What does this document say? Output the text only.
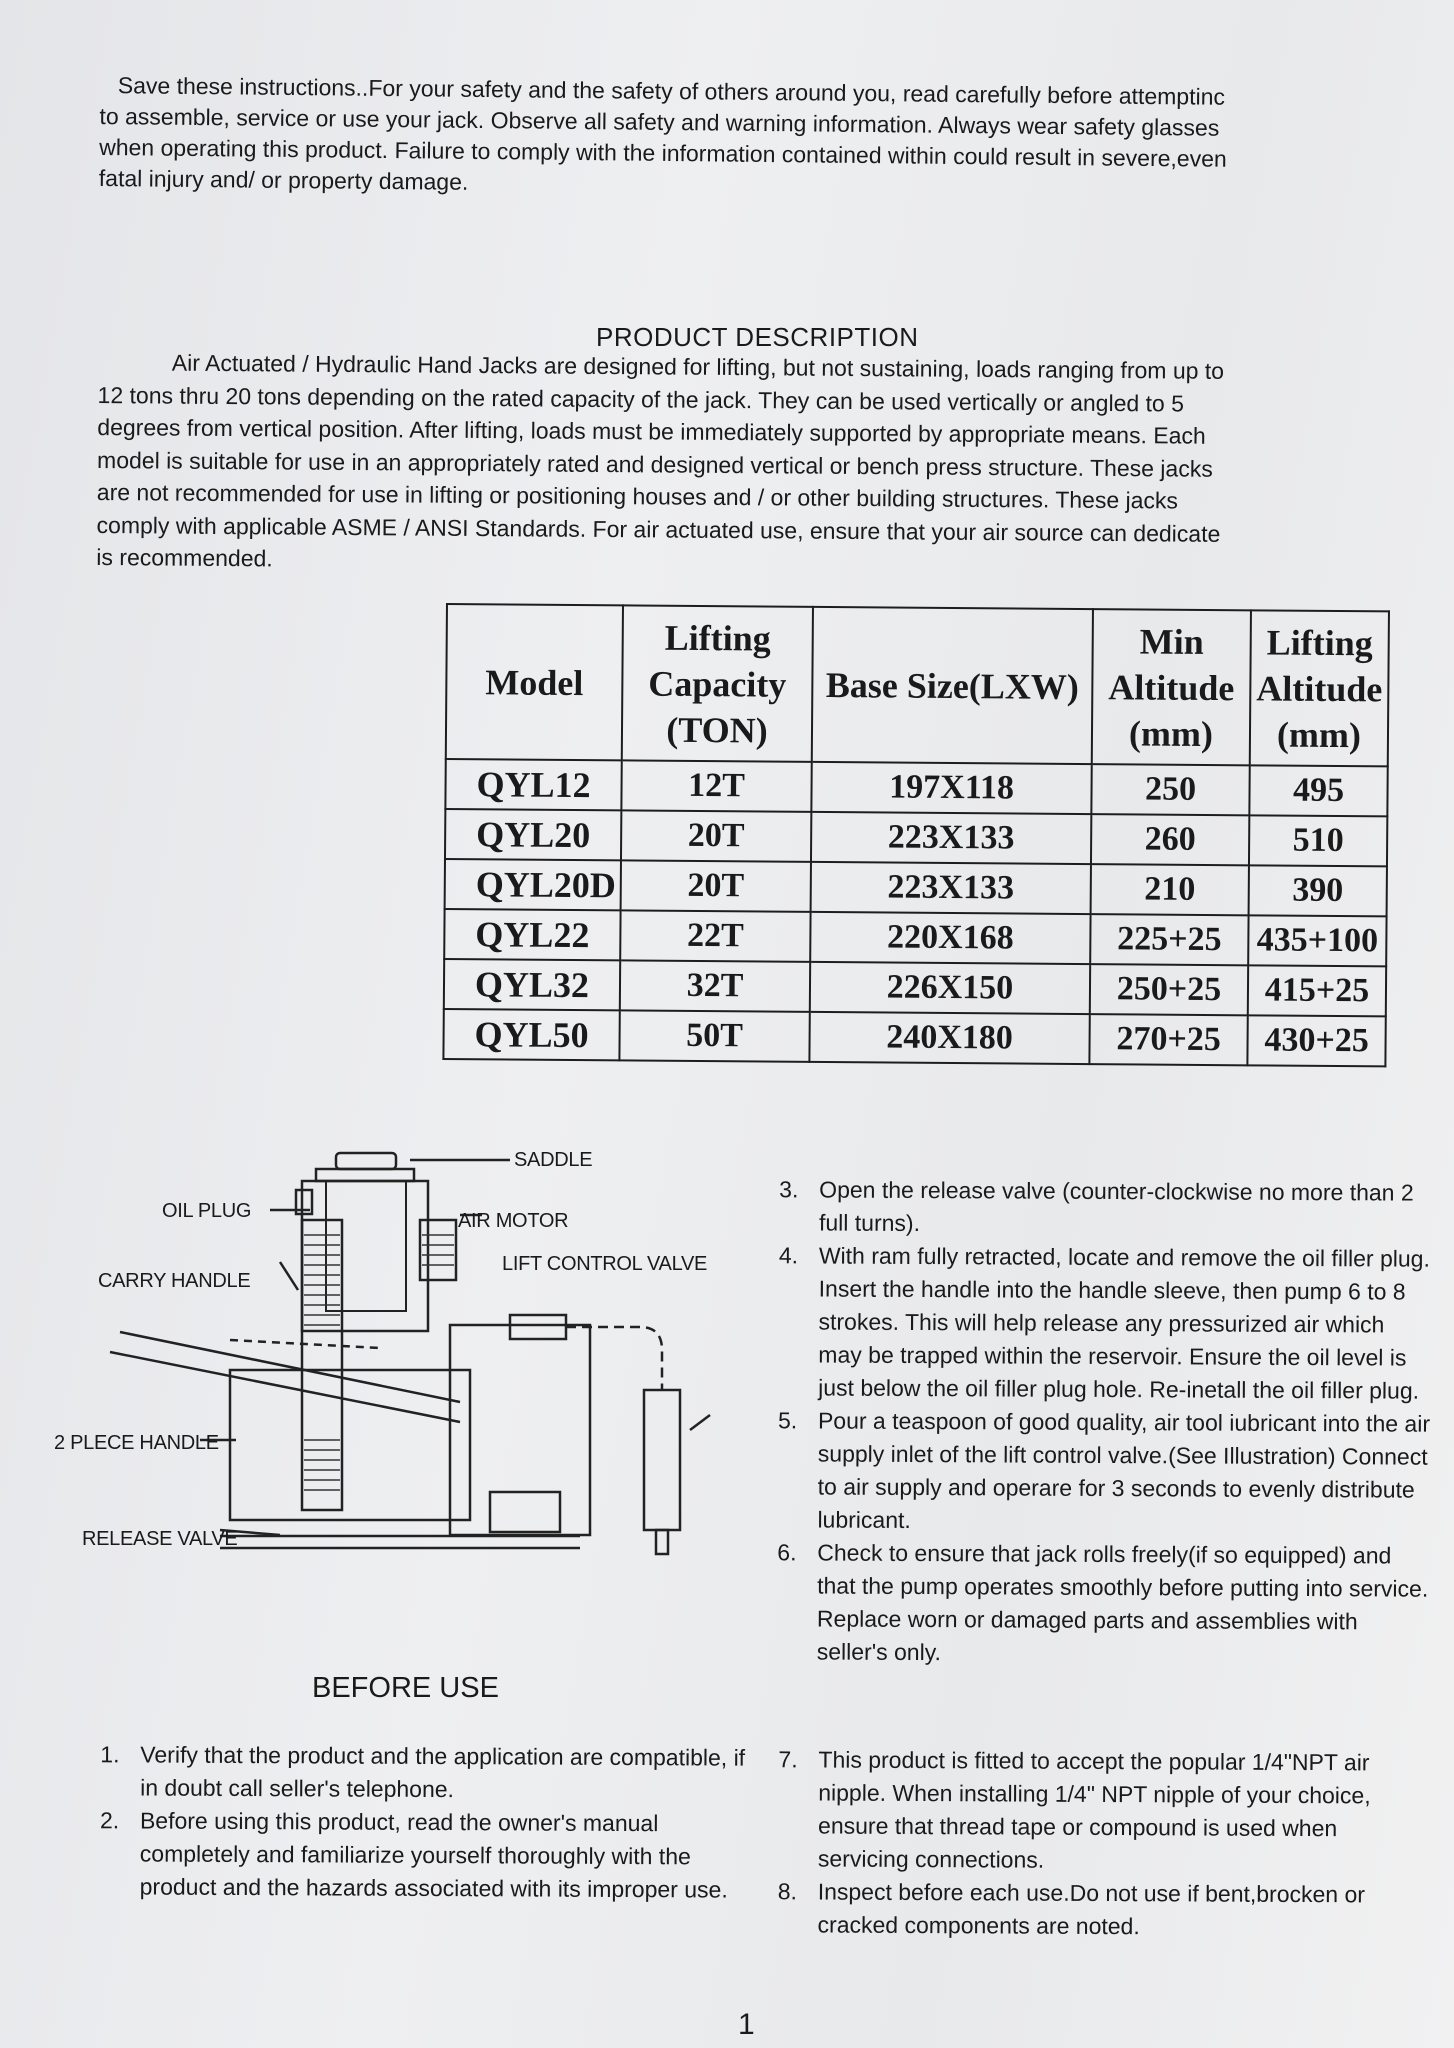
Save these instructions..For your safety and the safety of others around you, read carefully before attemptinc
to assemble, service or use your jack. Observe all safety and warning information. Always wear safety glasses
when operating this product. Failure to comply with the information contained within could result in severe,even
fatal injury and/ or property damage.
PRODUCT DESCRIPTION
Air Actuated / Hydraulic Hand Jacks are designed for lifting, but not sustaining, loads ranging from up to
12 tons thru 20 tons depending on the rated capacity of the jack. They can be used vertically or angled to 5
degrees from vertical position. After lifting, loads must be immediately supported by appropriate means. Each
model is suitable for use in an appropriately rated and designed vertical or bench press structure. These jacks
are not recommended for use in lifting or positioning houses and / or other building structures. These jacks
comply with applicable ASME / ANSI Standards. For air actuated use, ensure that your air source can dedicate
is recommended.
Model	Lifting Capacity (TON)	Base Size(LXW)	Min Altitude (mm)	Lifting Altitude (mm)
QYL12	12T	197X118	250	495
QYL20	20T	223X133	260	510
QYL20D	20T	223X133	210	390
QYL22	22T	220X168	225+25	435+100
QYL32	32T	226X150	250+25	415+25
QYL50	50T	240X180	270+25	430+25
SADDLE
OIL PLUG	AIR MOTOR
LIFT CONTROL VALVE
CARRY HANDLE
2 PLECE HANDLE
RELEASE VALVE
BEFORE USE
1. Verify that the product and the application are compatible, if in doubt call seller's telephone.
2. Before using this product, read the owner's manual completely and familiarize yourself thoroughly with the product and the hazards associated with its improper use.
3. Open the release valve (counter-clockwise no more than 2 full turns).
4. With ram fully retracted, locate and remove the oil filler plug. Insert the handle into the handle sleeve, then pump 6 to 8 strokes. This will help release any pressurized air which may be trapped within the reservoir. Ensure the oil level is just below the oil filler plug hole. Re-inetall the oil filler plug.
5. Pour a teaspoon of good quality, air tool iubricant into the air supply inlet of the lift control valve.(See Illustration) Connect to air supply and operare for 3 seconds to evenly distribute lubricant.
6. Check to ensure that jack rolls freely(if so equipped) and that the pump operates smoothly before putting into service. Replace worn or damaged parts and assemblies with seller's only.
7. This product is fitted to accept the popular 1/4"NPT air nipple. When installing 1/4" NPT nipple of your choice, ensure that thread tape or compound is used when servicing connections.
8. Inspect before each use.Do not use if bent,brocken or cracked components are noted.
1
